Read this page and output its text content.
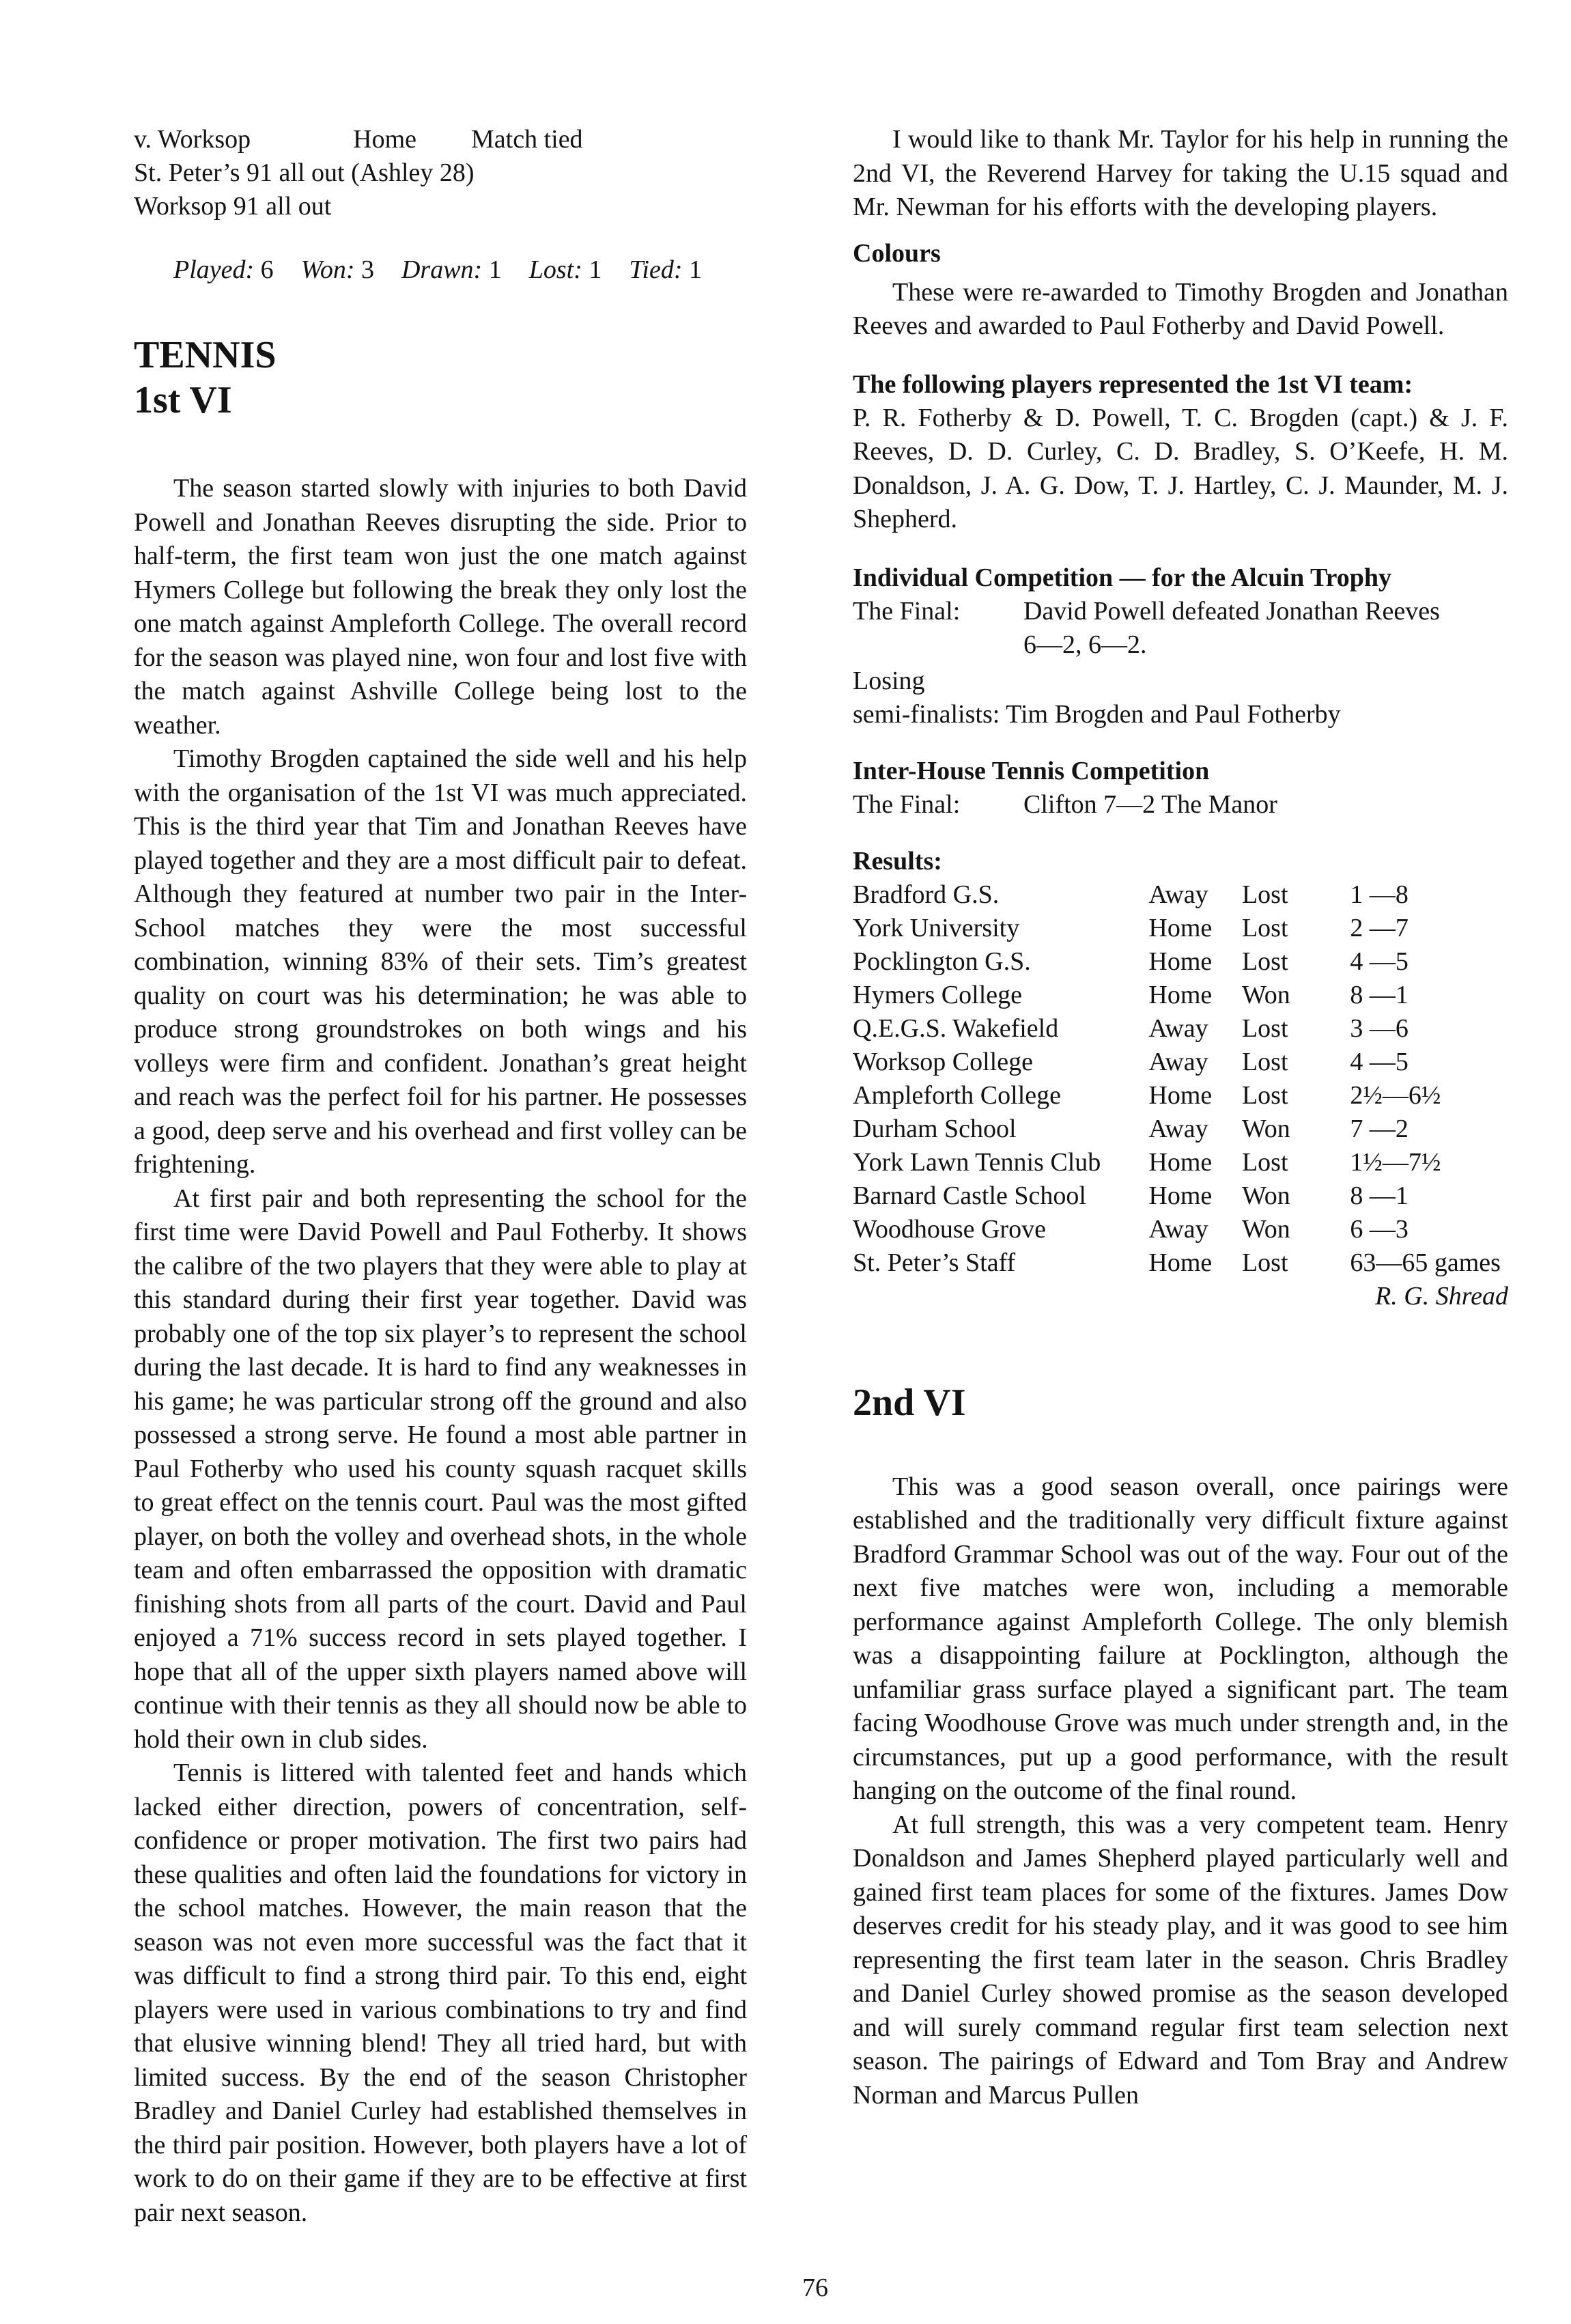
v. Worksop	Home Match tied
St. Peter’s 91 all out (Ashley 28)
Worksop 91 all out
Played: 6 Won: 3 Drawn: 1 Lost: 1 Tied: 1
TENNIS
1st VI

The season started slowly with injuries to both David Powell and Jonathan Reeves disrupting the side. Prior to half-term, the first team won just the one match against Hymers College but following the break they only lost the one match against Ampleforth College. The overall record for the season was played nine, won four and lost five with the match against Ashville College being lost to the weather.

Timothy Brogden captained the side well and his help with the organisation of the 1st VI was much appreciated. This is the third year that Tim and Jonathan Reeves have played together and they are a most difficult pair to defeat. Although they featured at number two pair in the Inter-School matches they were the most successful combination, winning 83% of their sets. Tim’s greatest quality on court was his determination; he was able to produce strong groundstrokes on both wings and his volleys were firm and confident. Jonathan’s great height and reach was the perfect foil for his partner. He possesses a good, deep serve and his overhead and first volley can be frightening.

At first pair and both representing the school for the first time were David Powell and Paul Fotherby. It shows the calibre of the two players that they were able to play at this standard during their first year together. David was probably one of the top six player’s to represent the school during the last decade. It is hard to find any weaknesses in his game; he was particular strong off the ground and also possessed a strong serve. He found a most able partner in Paul Fotherby who used his county squash racquet skills to great effect on the tennis court. Paul was the most gifted player, on both the volley and overhead shots, in the whole team and often embarrassed the opposition with dramatic finishing shots from all parts of the court. David and Paul enjoyed a 71% success record in sets played together. I hope that all of the upper sixth players named above will continue with their tennis as they all should now be able to hold their own in club sides.

Tennis is littered with talented feet and hands which lacked either direction, powers of concentration, self-confidence or proper motivation. The first two pairs had these qualities and often laid the foundations for victory in the school matches. However, the main reason that the season was not even more successful was the fact that it was difficult to find a strong third pair. To this end, eight players were used in various combinations to try and find that elusive winning blend! They all tried hard, but with limited success. By the end of the season Christopher Bradley and Daniel Curley had established themselves in the third pair position. However, both players have a lot of work to do on their game if they are to be effective at first pair next season.

I would like to thank Mr. Taylor for his help in running the 2nd VI, the Reverend Harvey for taking the U.15 squad and Mr. Newman for his efforts with the developing players.

Colours

These were re-awarded to Timothy Brogden and Jonathan Reeves and awarded to Paul Fotherby and David Powell.

The following players represented the 1st VI team:

P. R. Fotherby & D. Powell, T. C. Brogden (capt.) & J. F. Reeves, D. D. Curley, C. D. Bradley, S. O’Keefe, H. M. Donaldson, J. A. G. Dow, T. J. Hartley, C. J. Maunder, M. J. Shepherd.

Individual Competition — for the Alcuin Trophy
The Final: David Powell defeated Jonathan Reeves
6—2, 6—2.
Losing
semi-finalists: Tim Brogden and Paul Fotherby
Inter-House Tennis Competition
The Final: Clifton 7—2 The Manor
Results:
Bradford G.S.	Away	Lost	1 —8
York University	Home	Lost	2 —7
Pocklington G.S.	Home	Lost	4 —5
Hymers College	Home	Won	8 —1
Q.E.G.S. Wakefield	Away	Lost	3 —6
Worksop College	Away	Lost	4 —5
Ampleforth College	Home	Lost	2½—6½
Durham School	Away	Won	7 —2
York Lawn Tennis Club	Home	Lost	1½—7½
Barnard Castle School	Home	Won	8 —1
Woodhouse Grove	Away	Won	6 —3
St. Peter’s Staff	Home	Lost	63—65 games
R. G. Shread
2nd VI

This was a good season overall, once pairings were established and the traditionally very difficult fixture against Bradford Grammar School was out of the way. Four out of the next five matches were won, including a memorable performance against Ampleforth College. The only blemish was a disappointing failure at Pocklington, although the unfamiliar grass surface played a significant part. The team facing Woodhouse Grove was much under strength and, in the circumstances, put up a good performance, with the result hanging on the outcome of the final round.

At full strength, this was a very competent team. Henry Donaldson and James Shepherd played particularly well and gained first team places for some of the fixtures. James Dow deserves credit for his steady play, and it was good to see him representing the first team later in the season. Chris Bradley and Daniel Curley showed promise as the season developed and will surely command regular first team selection next season. The pairings of Edward and Tom Bray and Andrew Norman and Marcus Pullen

76
